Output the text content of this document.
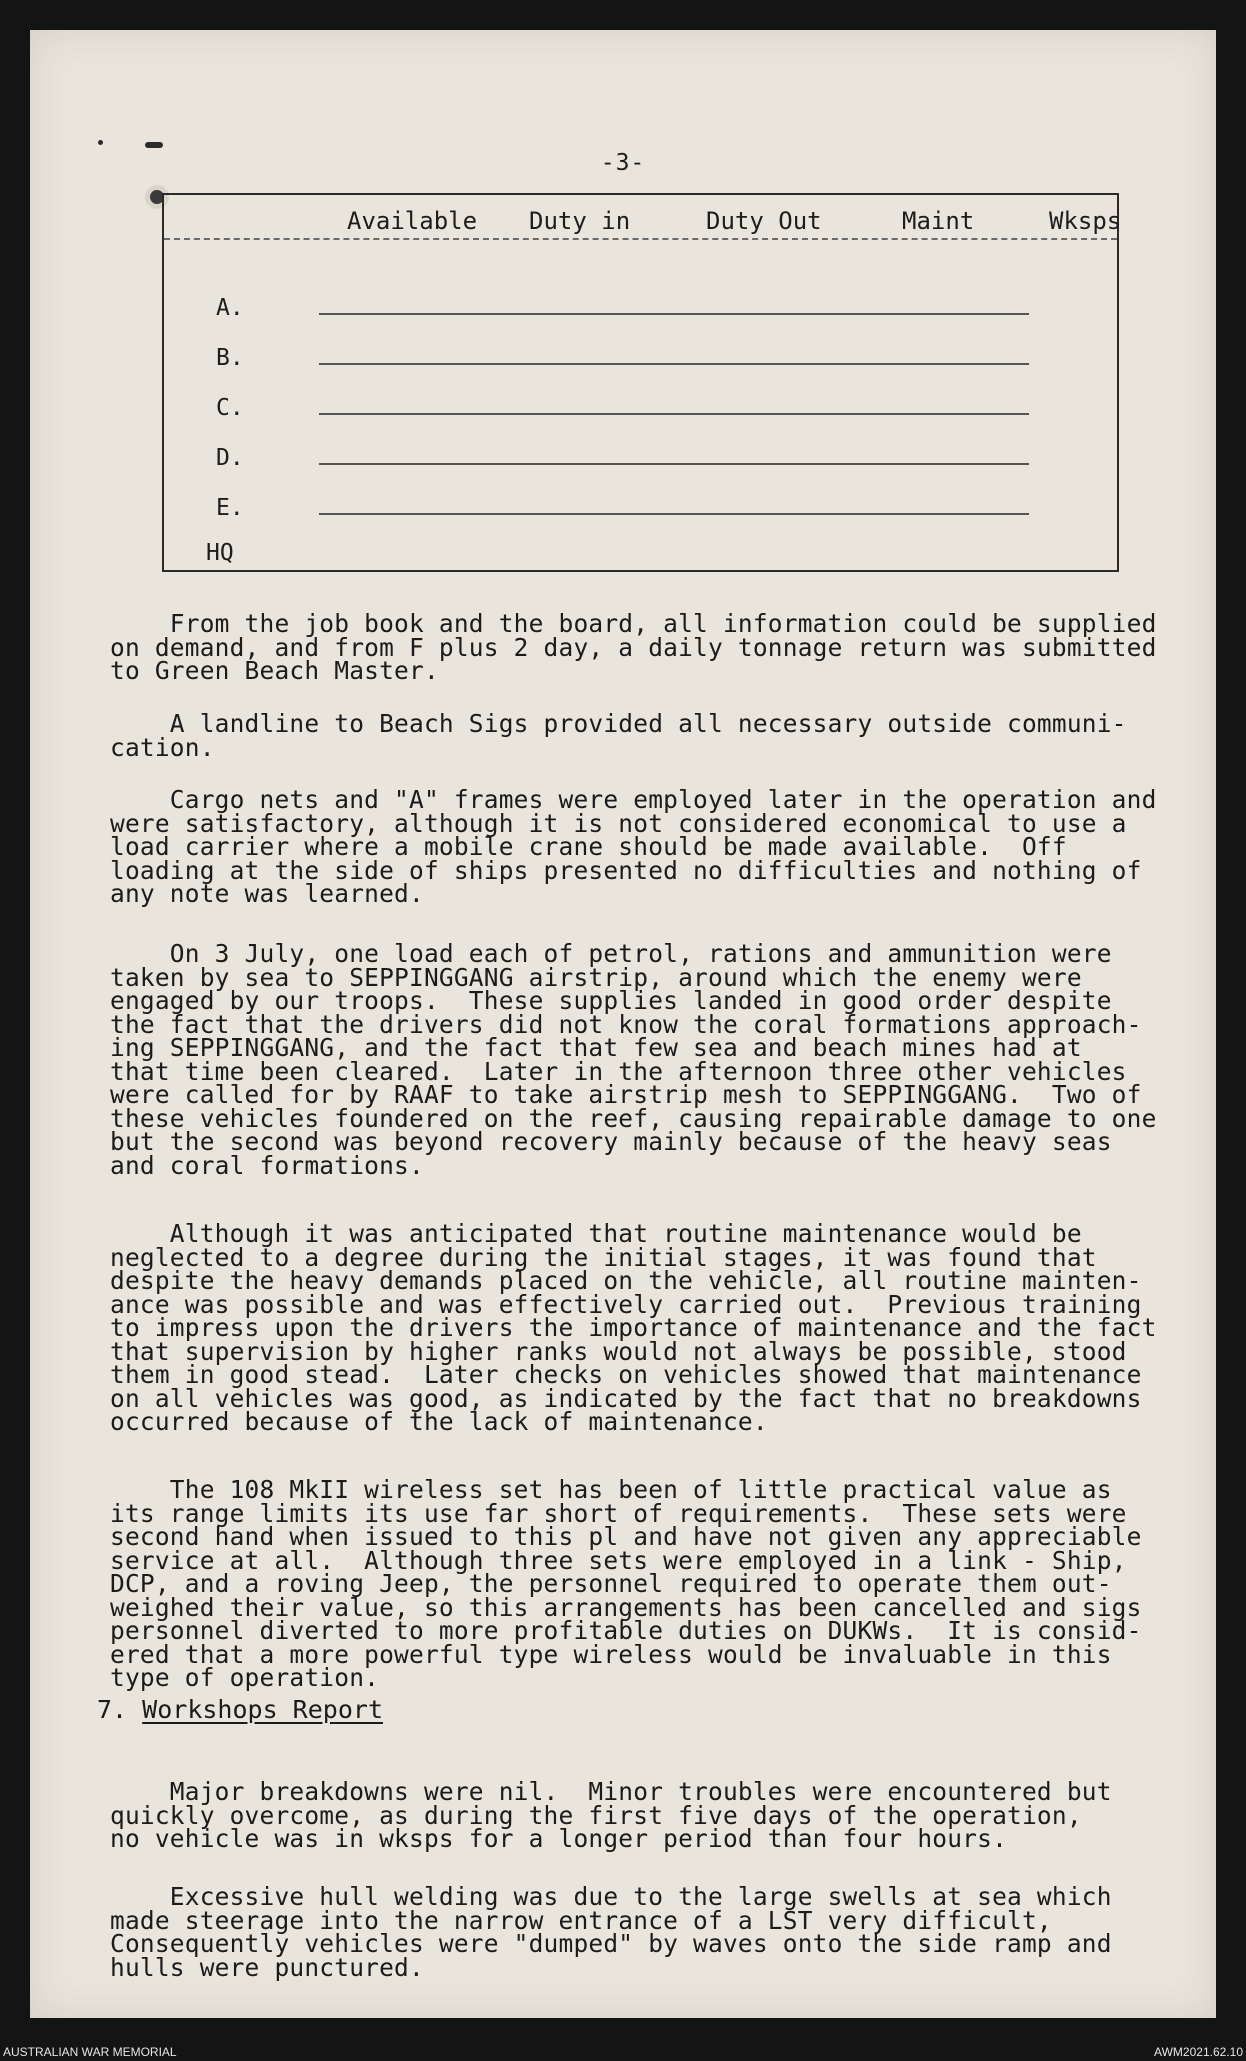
-3-
Available Duty in	Duty Out	Maint	Wksps
A.
B.
C.
D.
E.
HQ
From the job book and the board, all information could be supplied
on demand, and from F plus 2 day, a daily tonnage return was submitted
to Green Beach Master.
A landline to Beach Sigs provided all necessary outside communi-
cation.
Cargo nets and "A" frames were employed later in the operation and
were satisfactory, although it is not considered economical to use a
load carrier where a mobile crane should be made available.  Off
loading at the side of ships presented no difficulties and nothing of
any note was learned.
On 3 July, one load each of petrol, rations and ammunition were
taken by sea to SEPPINGGANG airstrip, around which the enemy were
engaged by our troops.  These supplies landed in good order despite
the fact that the drivers did not know the coral formations approach-
ing SEPPINGGANG, and the fact that few sea and beach mines had at
that time been cleared.  Later in the afternoon three other vehicles
were called for by RAAF to take airstrip mesh to SEPPINGGANG.  Two of
these vehicles foundered on the reef, causing repairable damage to one
but the second was beyond recovery mainly because of the heavy seas
and coral formations.
Although it was anticipated that routine maintenance would be
neglected to a degree during the initial stages, it was found that
despite the heavy demands placed on the vehicle, all routine mainten-
ance was possible and was effectively carried out.  Previous training
to impress upon the drivers the importance of maintenance and the fact
that supervision by higher ranks would not always be possible, stood
them in good stead.  Later checks on vehicles showed that maintenance
on all vehicles was good, as indicated by the fact that no breakdowns
occurred because of the lack of maintenance.
The 108 MkII wireless set has been of little practical value as
its range limits its use far short of requirements.  These sets were
second hand when issued to this pl and have not given any appreciable
service at all.  Although three sets were employed in a link - Ship,
DCP, and a roving Jeep, the personnel required to operate them out-
weighed their value, so this arrangements has been cancelled and sigs
personnel diverted to more profitable duties on DUKWs.  It is consid-
ered that a more powerful type wireless would be invaluable in this
type of operation.
7. Workshops Report
Major breakdowns were nil.  Minor troubles were encountered but
quickly overcome, as during the first five days of the operation,
no vehicle was in wksps for a longer period than four hours.
Excessive hull welding was due to the large swells at sea which
made steerage into the narrow entrance of a LST very difficult,
Consequently vehicles were "dumped" by waves onto the side ramp and
hulls were punctured.
AUSTRALIAN WAR MEMORIAL	AWM2021.62.10
